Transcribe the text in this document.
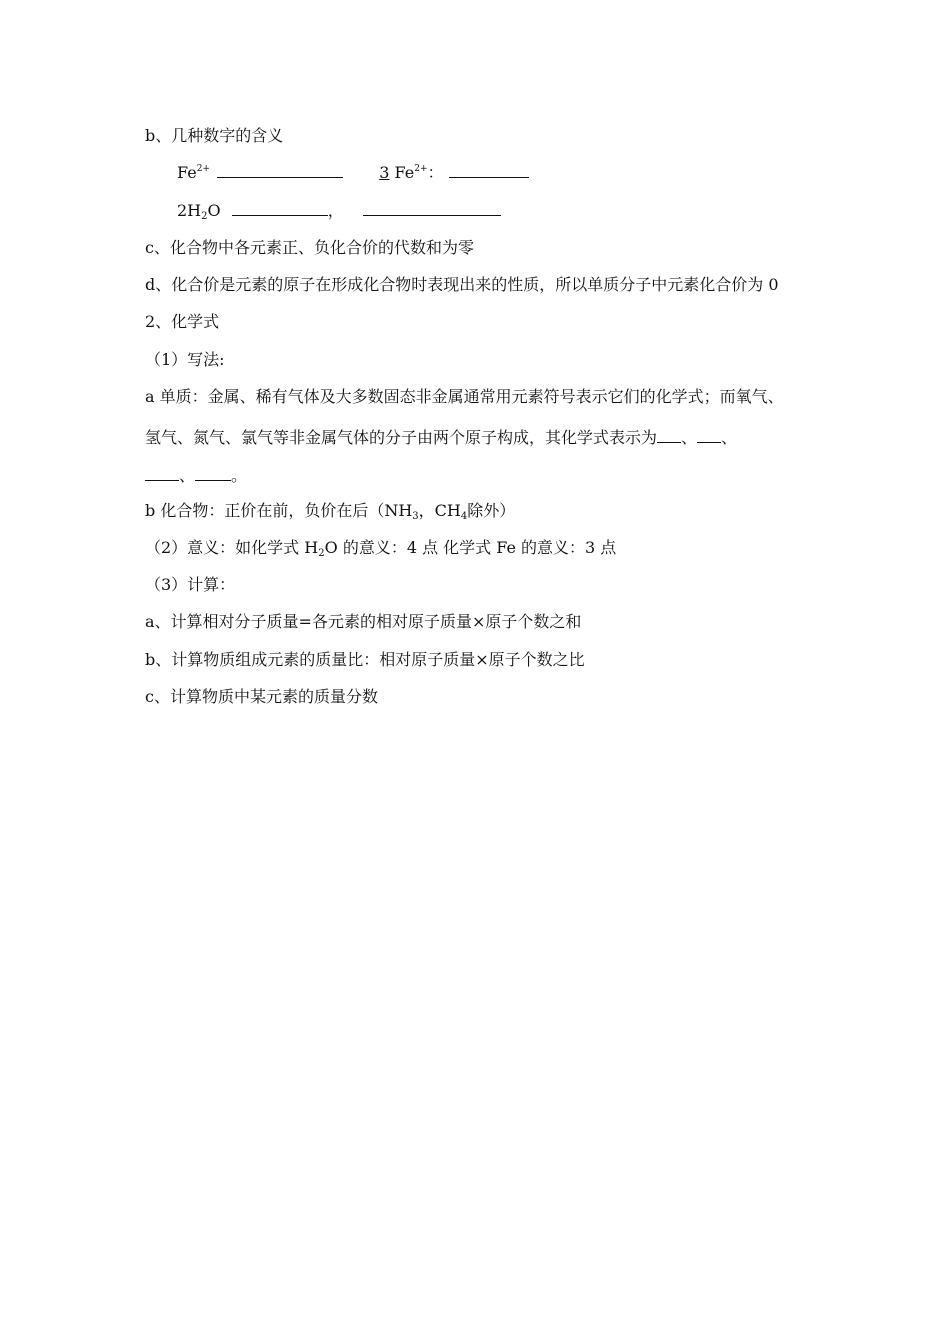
b、几种数字的含义
$Fe^{2+}$	3 $Fe^{2+}$：
$2H_2O$	，
c、化合物中各元素正、负化合价的代数和为零
d、化合价是元素的原子在形成化合物时表现出来的性质，所以单质分子中元素化合价为 0
2、化学式
（1）写法:
a 单质：金属、稀有气体及大多数固态非金属通常用元素符号表示它们的化学式；而氧气、
氢气、氮气、氯气等非金属气体的分子由两个原子构成，其化学式表示为 、 、
、 。
b 化合物：正价在前，负价在后（$NH_3$，$CH_4$除外）
（2）意义：如化学式 $H_2O$ 的意义：4 点 化学式 Fe 的意义：3 点
（3）计算：
a、计算相对分子质量=各元素的相对原子质量×原子个数之和
b、计算物质组成元素的质量比：相对原子质量×原子个数之比
c、计算物质中某元素的质量分数
